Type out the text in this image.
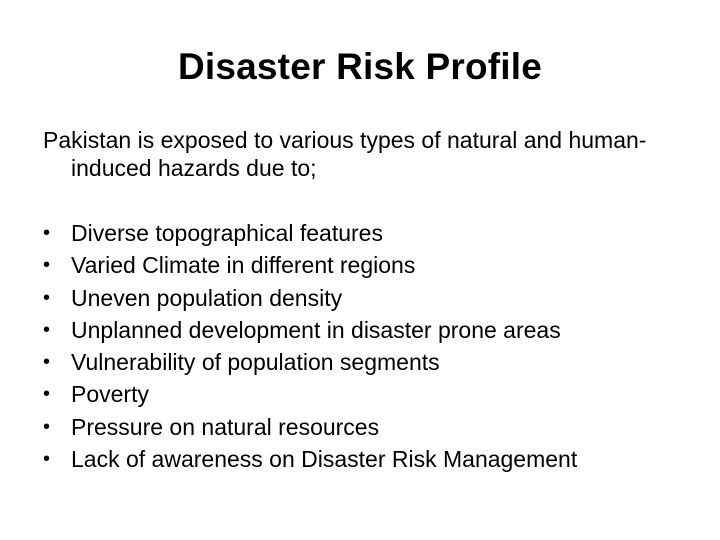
Disaster Risk Profile
Pakistan is exposed to various types of natural and human-
induced hazards due to;
• Diverse topographical features
• Varied Climate in different regions
• Uneven population density
• Unplanned development in disaster prone areas
• Vulnerability of population segments
• Poverty
• Pressure on natural resources
• Lack of awareness on Disaster Risk Management
